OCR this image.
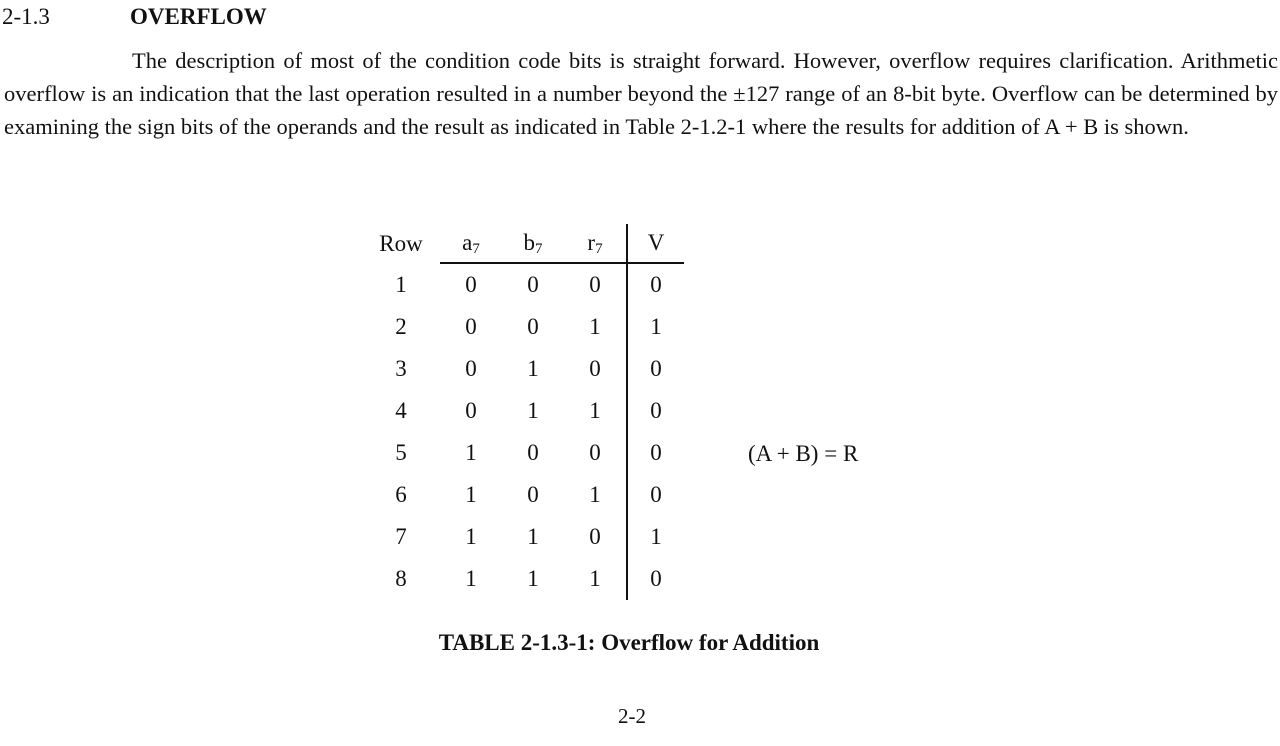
2-1.3	OVERFLOW

The description of most of the condition code bits is straight forward. However, overflow requires clarification. Arithmetic overflow is an indication that the last operation resulted in a number beyond the ±127 range of an 8-bit byte. Overflow can be determined by examining the sign bits of the operands and the result as indicated in Table 2-1.2-1 where the results for addition of A + B is shown.

Row	a7	b7	r7	V
1	0	0	0	0
2	0	0	1	1
3	0	1	0	0
4	0	1	1	0
5	1	0	0	0
6	1	0	1	0
7	1	1	0	1
8	1	1	1	0
(A + B) = R
TABLE 2-1.3-1: Overflow for Addition
2-2
